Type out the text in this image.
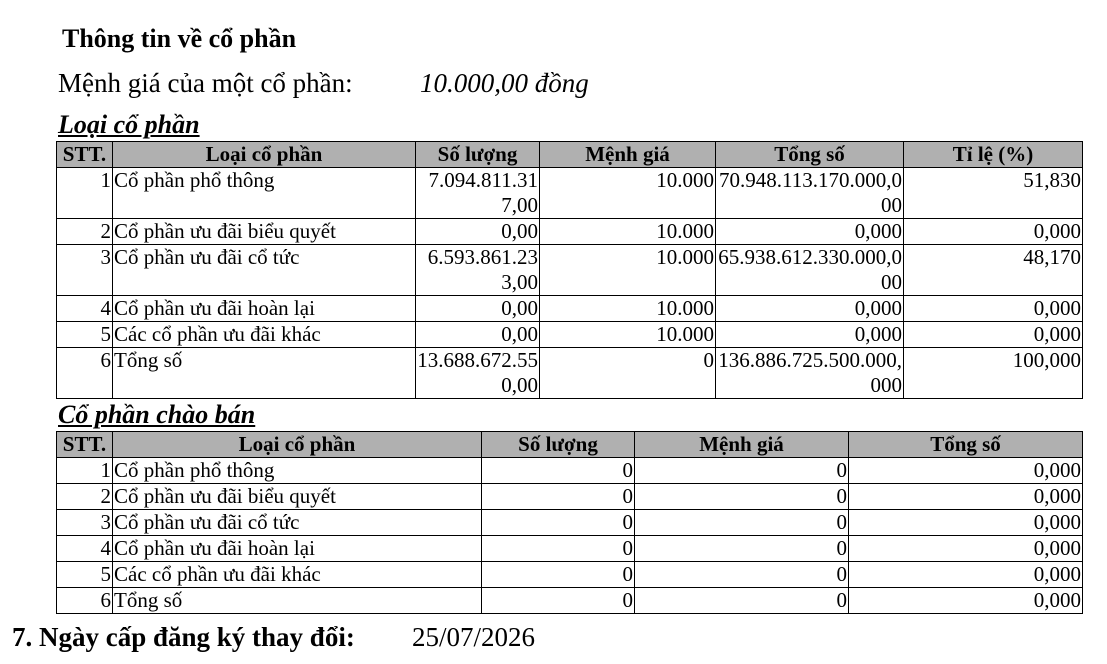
Thông tin về cổ phần
Mệnh giá của một cổ phần: 10.000,00 đồng
Loại cổ phần
STT.	Loại cổ phần	Số lượng	Mệnh giá	Tổng số	Tỉ lệ (%)
1	Cổ phần phổ thông	7.094.811.317,00	10.000	70.948.113.170.000,000	51,830
2	Cổ phần ưu đãi biểu quyết	0,00	10.000	0,000	0,000
3	Cổ phần ưu đãi cổ tức	6.593.861.233,00	10.000	65.938.612.330.000,000	48,170
4	Cổ phần ưu đãi hoàn lại	0,00	10.000	0,000	0,000
5	Các cổ phần ưu đãi khác	0,00	10.000	0,000	0,000
6	Tổng số	13.688.672.550,00	0	136.886.725.500.000,000	100,000
Cổ phần chào bán
STT.	Loại cổ phần	Số lượng	Mệnh giá	Tổng số
1	Cổ phần phổ thông	0	0	0,000
2	Cổ phần ưu đãi biểu quyết	0	0	0,000
3	Cổ phần ưu đãi cổ tức	0	0	0,000
4	Cổ phần ưu đãi hoàn lại	0	0	0,000
5	Các cổ phần ưu đãi khác	0	0	0,000
6	Tổng số	0	0	0,000
7. Ngày cấp đăng ký thay đổi: 25/07/2026
